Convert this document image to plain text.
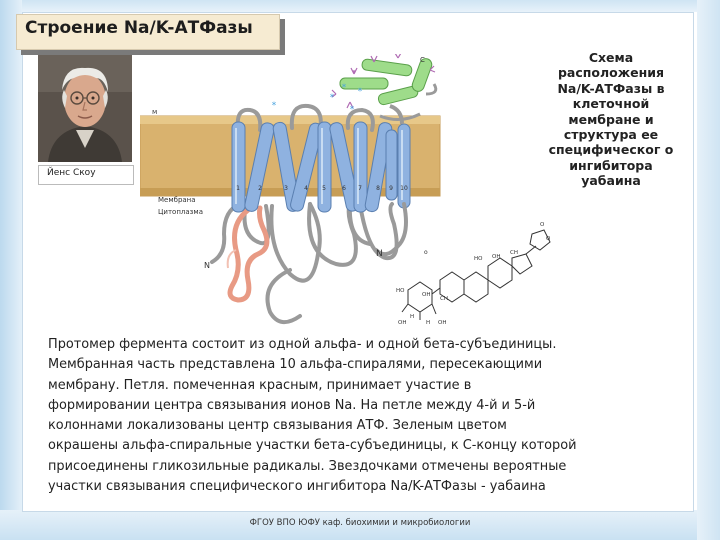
Строение Na/K-АТФазы
Йенс Скоу
м
Мембрана
Цитоплазма
1	2	3	4 5	6 7 8 9 10
*
*
*
*
*
N
N
C
HO OH
CH
HO
OH
H
H
OH	OH
O
O
CH
o
Схема расположения Na/K-АТФазы в клеточной мембране и структура ее специфическог о ингибитора уабаина
Протомер фермента состоит из одной альфа- и одной бета-субъединицы.
Мембранная часть представлена 10 альфа-спиралями, пересекающими
мембрану. Петля. помеченная красным, принимает участие в
формировании центра связывания ионов Na. На петле между 4-й и 5-й
колоннами локализованы центр связывания АТФ. Зеленым цветом
окрашены альфа-спиральные участки бета-субъединицы, к С-концу которой
присоединены гликозильные радикалы. Звездочками отмечены вероятные
участки связывания специфического ингибитора Na/K-АТФазы - уабаина
ФГОУ ВПО ЮФУ каф. биохимии и микробиологии
